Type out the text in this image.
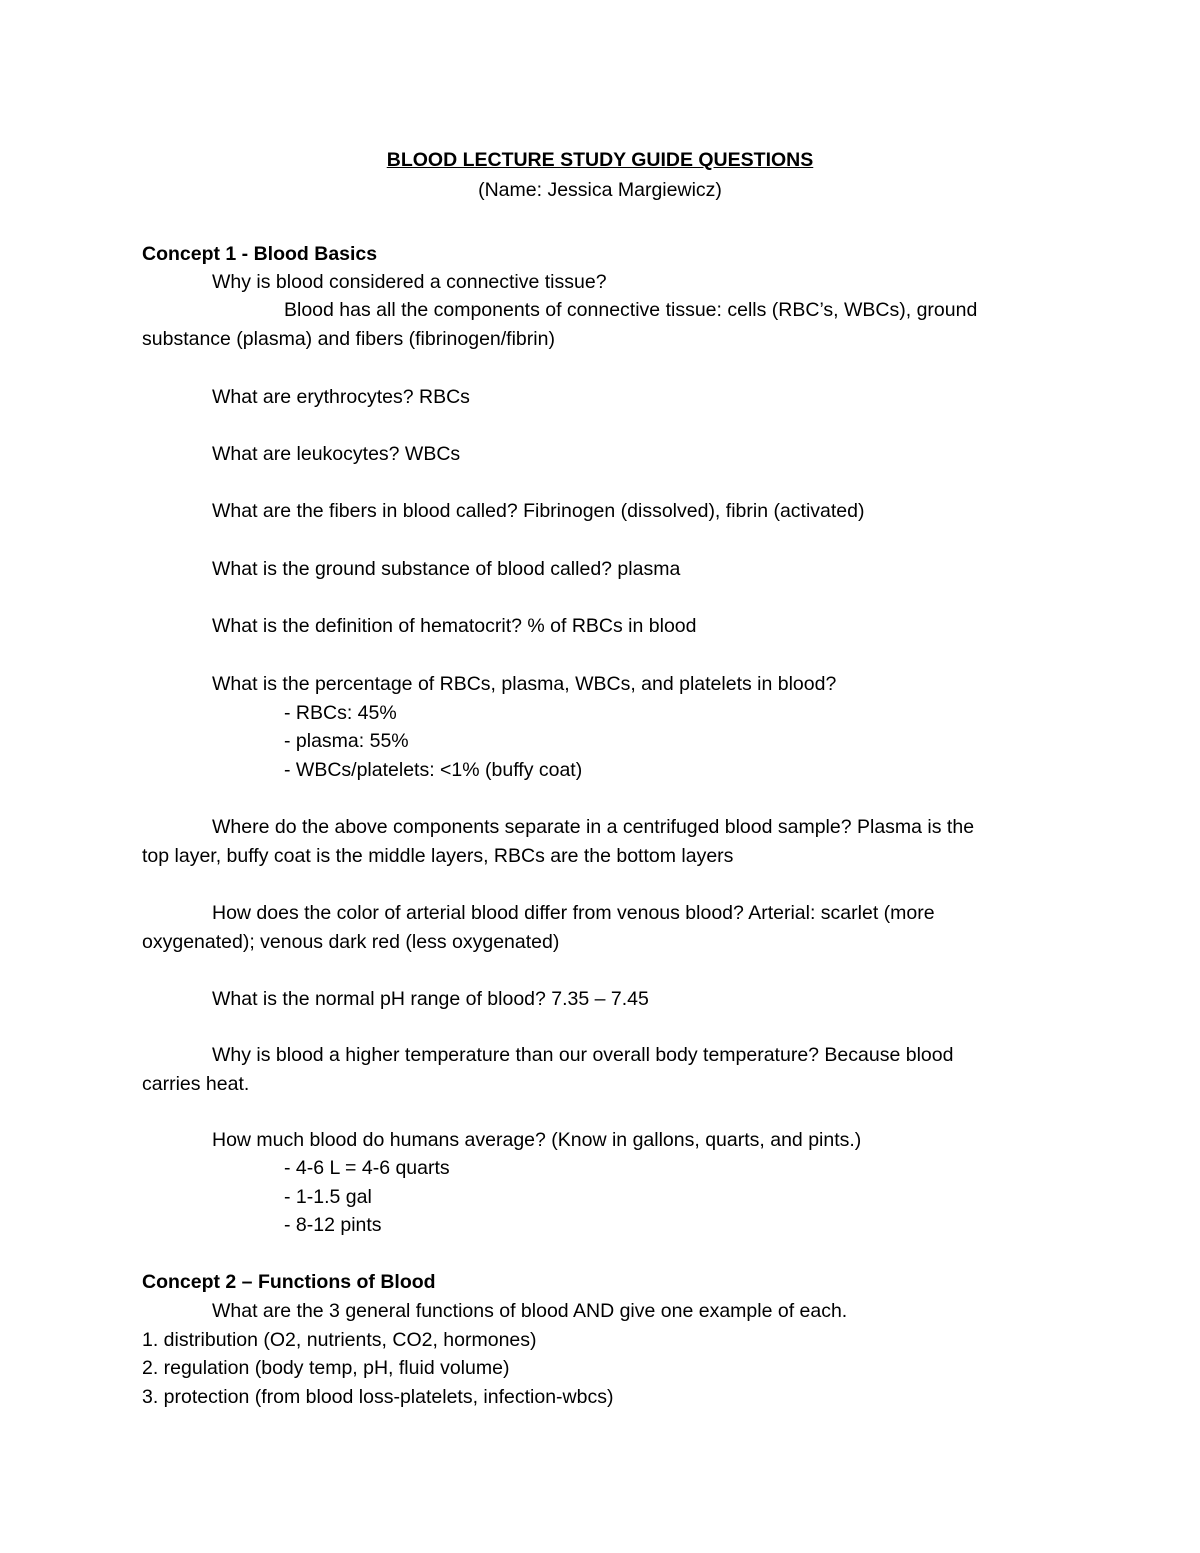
BLOOD LECTURE STUDY GUIDE QUESTIONS
(Name: Jessica Margiewicz)
Concept 1 - Blood Basics
Why is blood considered a connective tissue?
Blood has all the components of connective tissue: cells (RBC’s, WBCs), ground
substance (plasma) and fibers (fibrinogen/fibrin)
What are erythrocytes? RBCs
What are leukocytes? WBCs
What are the fibers in blood called? Fibrinogen (dissolved), fibrin (activated)
What is the ground substance of blood called? plasma
What is the definition of hematocrit? % of RBCs in blood
What is the percentage of RBCs, plasma, WBCs, and platelets in blood?
- RBCs: 45%
- plasma: 55%
- WBCs/platelets: <1% (buffy coat)
Where do the above components separate in a centrifuged blood sample? Plasma is the
top layer, buffy coat is the middle layers, RBCs are the bottom layers
How does the color of arterial blood differ from venous blood? Arterial: scarlet (more
oxygenated); venous dark red (less oxygenated)
What is the normal pH range of blood? 7.35 – 7.45
Why is blood a higher temperature than our overall body temperature? Because blood
carries heat.
How much blood do humans average? (Know in gallons, quarts, and pints.)
- 4-6 L = 4-6 quarts
- 1-1.5 gal
- 8-12 pints
Concept 2 – Functions of Blood
What are the 3 general functions of blood AND give one example of each.
1. distribution (O2, nutrients, CO2, hormones)
2. regulation (body temp, pH, fluid volume)
3. protection (from blood loss-platelets, infection-wbcs)
